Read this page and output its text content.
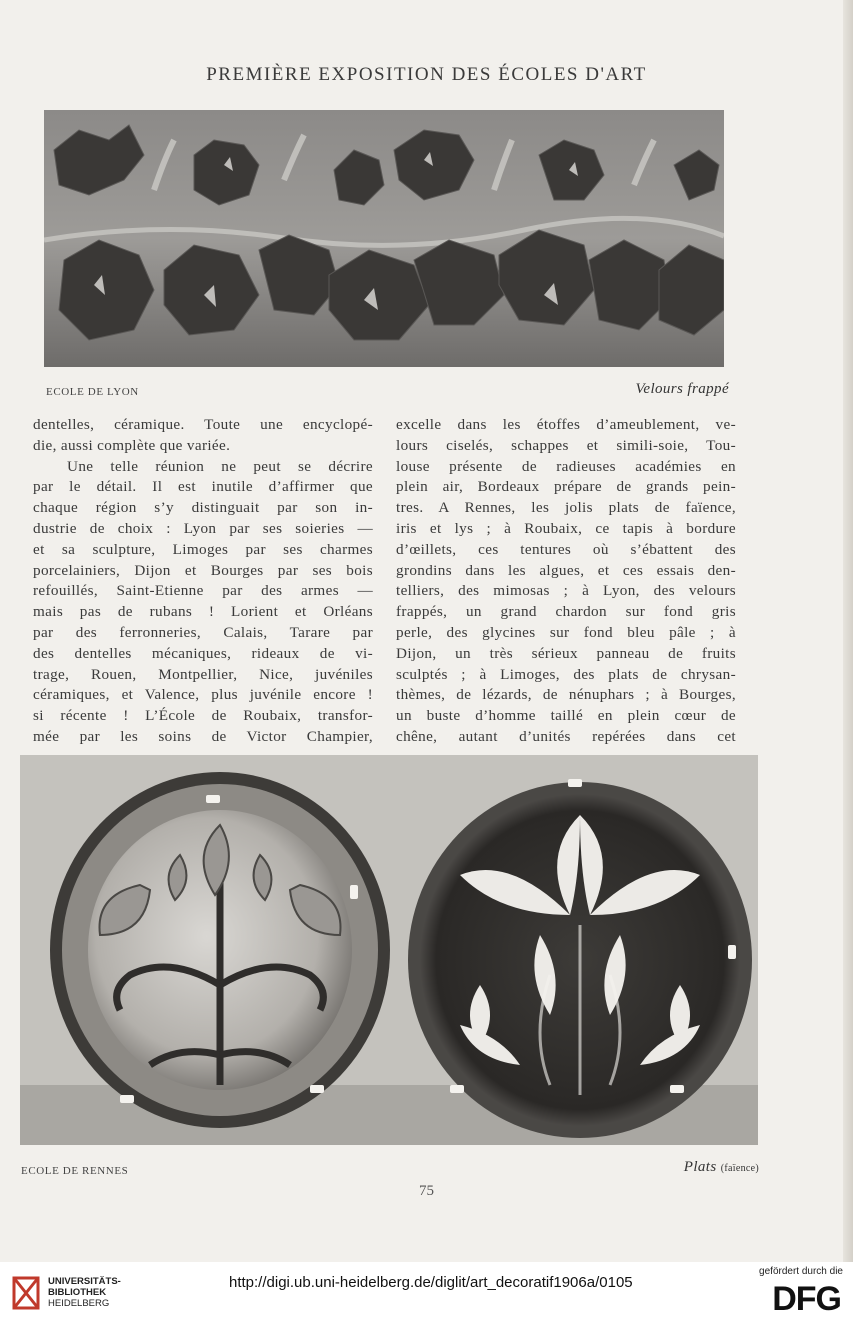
PREMIÈRE EXPOSITION DES ÉCOLES D'ART
ECOLE DE LYON	Velours frappé
dentelles, céramique. Toute une encyclopé-
die, aussi complète que variée.
Une telle réunion ne peut se décrire
par le détail. Il est inutile d’affirmer que
chaque région s’y distinguait par son in-
dustrie de choix : Lyon par ses soieries —
et sa sculpture, Limoges par ses charmes
porcelainiers, Dijon et Bourges par ses bois
refouillés, Saint-Etienne par des armes —
mais pas de rubans ! Lorient et Orléans
par des ferronneries, Calais, Tarare par
des dentelles mécaniques, rideaux de vi-
trage, Rouen, Montpellier, Nice, juvéniles
céramiques, et Valence, plus juvénile encore !
si récente ! L’École de Roubaix, transfor-
mée par les soins de Victor Champier,
excelle dans les étoffes d’ameublement, ve-
lours ciselés, schappes et simili-soie, Tou-
louse présente de radieuses académies en
plein air, Bordeaux prépare de grands pein-
tres. A Rennes, les jolis plats de faïence,
iris et lys ; à Roubaix, ce tapis à bordure
d’œillets, ces tentures où s’ébattent des
grondins dans les algues, et ces essais den-
telliers, des mimosas ; à Lyon, des velours
frappés, un grand chardon sur fond gris
perle, des glycines sur fond bleu pâle ; à
Dijon, un très sérieux panneau de fruits
sculptés ; à Limoges, des plats de chrysan-
thèmes, de lézards, de nénuphars ; à Bourges,
un buste d’homme taillé en plein cœur de
chêne, autant d’unités repérées dans cet
ECOLE DE RENNES	Plats (faïence)
75
UNIVERSITÄTS-
BIBLIOTHEK
HEIDELBERG
http://digi.ub.uni-heidelberg.de/diglit/art_decoratif1906a/0105
gefördert durch die
DFG
